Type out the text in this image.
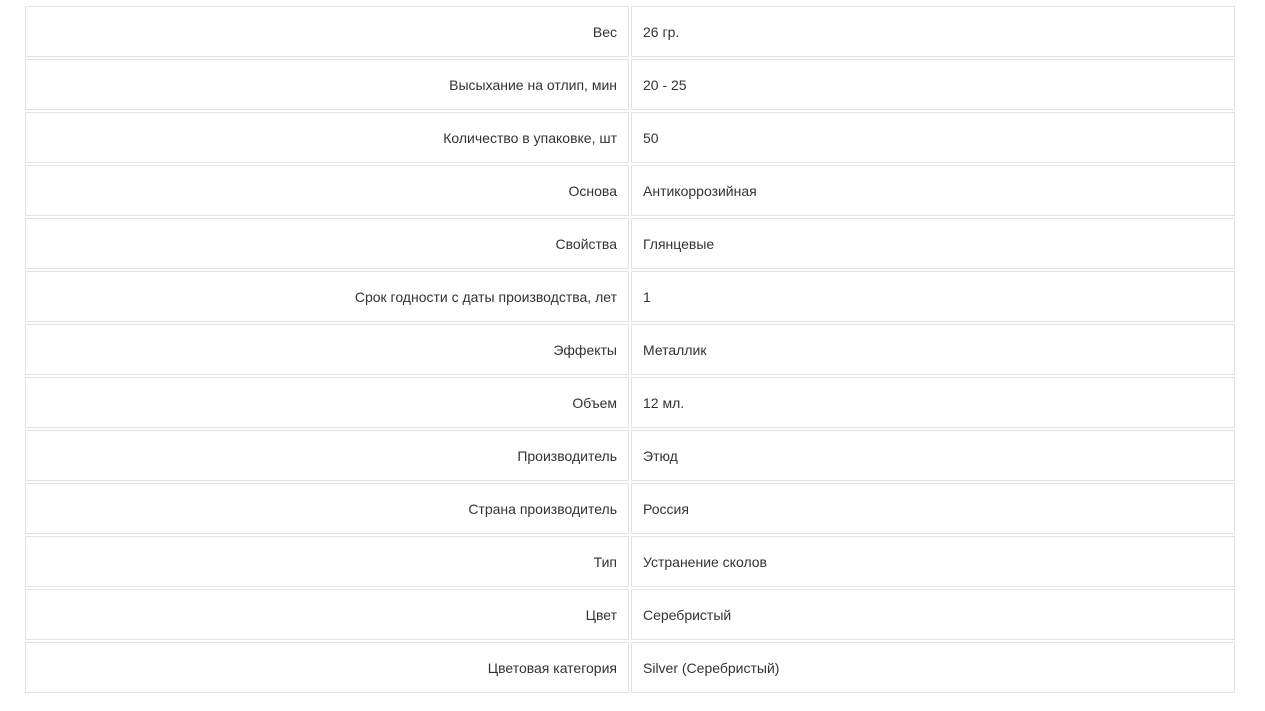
Вес	26 гр.
Высыхание на отлип, мин	20 - 25
Количество в упаковке, шт	50
Основа	Антикоррозийная
Свойства	Глянцевые
Срок годности с даты производства, лет	1
Эффекты	Металлик
Объем	12 мл.
Производитель	Этюд
Страна производитель	Россия
Тип	Устранение сколов
Цвет	Серебристый
Цветовая категория	Silver (Серебристый)
